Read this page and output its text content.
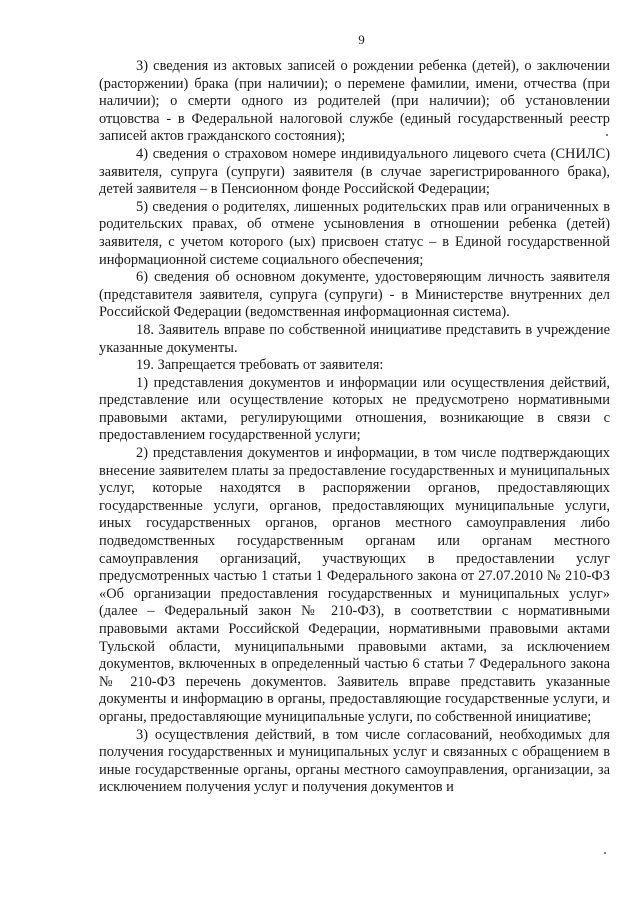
9

3) сведения из актовых записей о рождении ребенка (детей), о заключении (расторжении) брака (при наличии); о перемене фамилии, имени, отчества (при наличии); о смерти одного из родителей (при наличии); об установлении отцовства - в Федеральной налоговой службе (единый государственный реестр записей актов гражданского состояния);

4) сведения о страховом номере индивидуального лицевого счета (СНИЛС) заявителя, супруга (супруги) заявителя (в случае зарегистрированного брака), детей заявителя – в Пенсионном фонде Российской Федерации;

5) сведения о родителях, лишенных родительских прав или ограниченных в родительских правах, об отмене усыновления в отношении ребенка (детей) заявителя, с учетом которого (ых) присвоен статус – в Единой государственной информационной системе социального обеспечения;

6) сведения об основном документе, удостоверяющим личность заявителя (представителя заявителя, супруга (супруги) - в Министерстве внутренних дел Российской Федерации (ведомственная информационная система).

18. Заявитель вправе по собственной инициативе представить в учреждение указанные документы.

19. Запрещается требовать от заявителя:

1) представления документов и информации или осуществления действий, представление или осуществление которых не предусмотрено нормативными правовыми актами, регулирующими отношения, возникающие в связи с предоставлением государственной услуги;

2) представления документов и информации, в том числе подтверждающих внесение заявителем платы за предоставление государственных и муниципальных услуг, которые находятся в распоряжении органов, предоставляющих государственные услуги, органов, предоставляющих муниципальные услуги, иных государственных органов, органов местного самоуправления либо подведомственных государственным органам или органам местного самоуправления организаций, участвующих в предоставлении услуг предусмотренных частью 1 статьи 1 Федерального закона от 27.07.2010 № 210-ФЗ «Об организации предоставления государственных и муниципальных услуг» (далее – Федеральный закон № 210-ФЗ), в соответствии с нормативными правовыми актами Российской Федерации, нормативными правовыми актами Тульской области, муниципальными правовыми актами, за исключением документов, включенных в определенный частью 6 статьи 7 Федерального закона № 210-ФЗ перечень документов. Заявитель вправе представить указанные документы и информацию в органы, предоставляющие государственные услуги, и органы, предоставляющие муниципальные услуги, по собственной инициативе;

3) осуществления действий, в том числе согласований, необходимых для получения государственных и муниципальных услуг и связанных с обращением в иные государственные органы, органы местного самоуправления, организации, за исключением получения услуг и получения документов и
